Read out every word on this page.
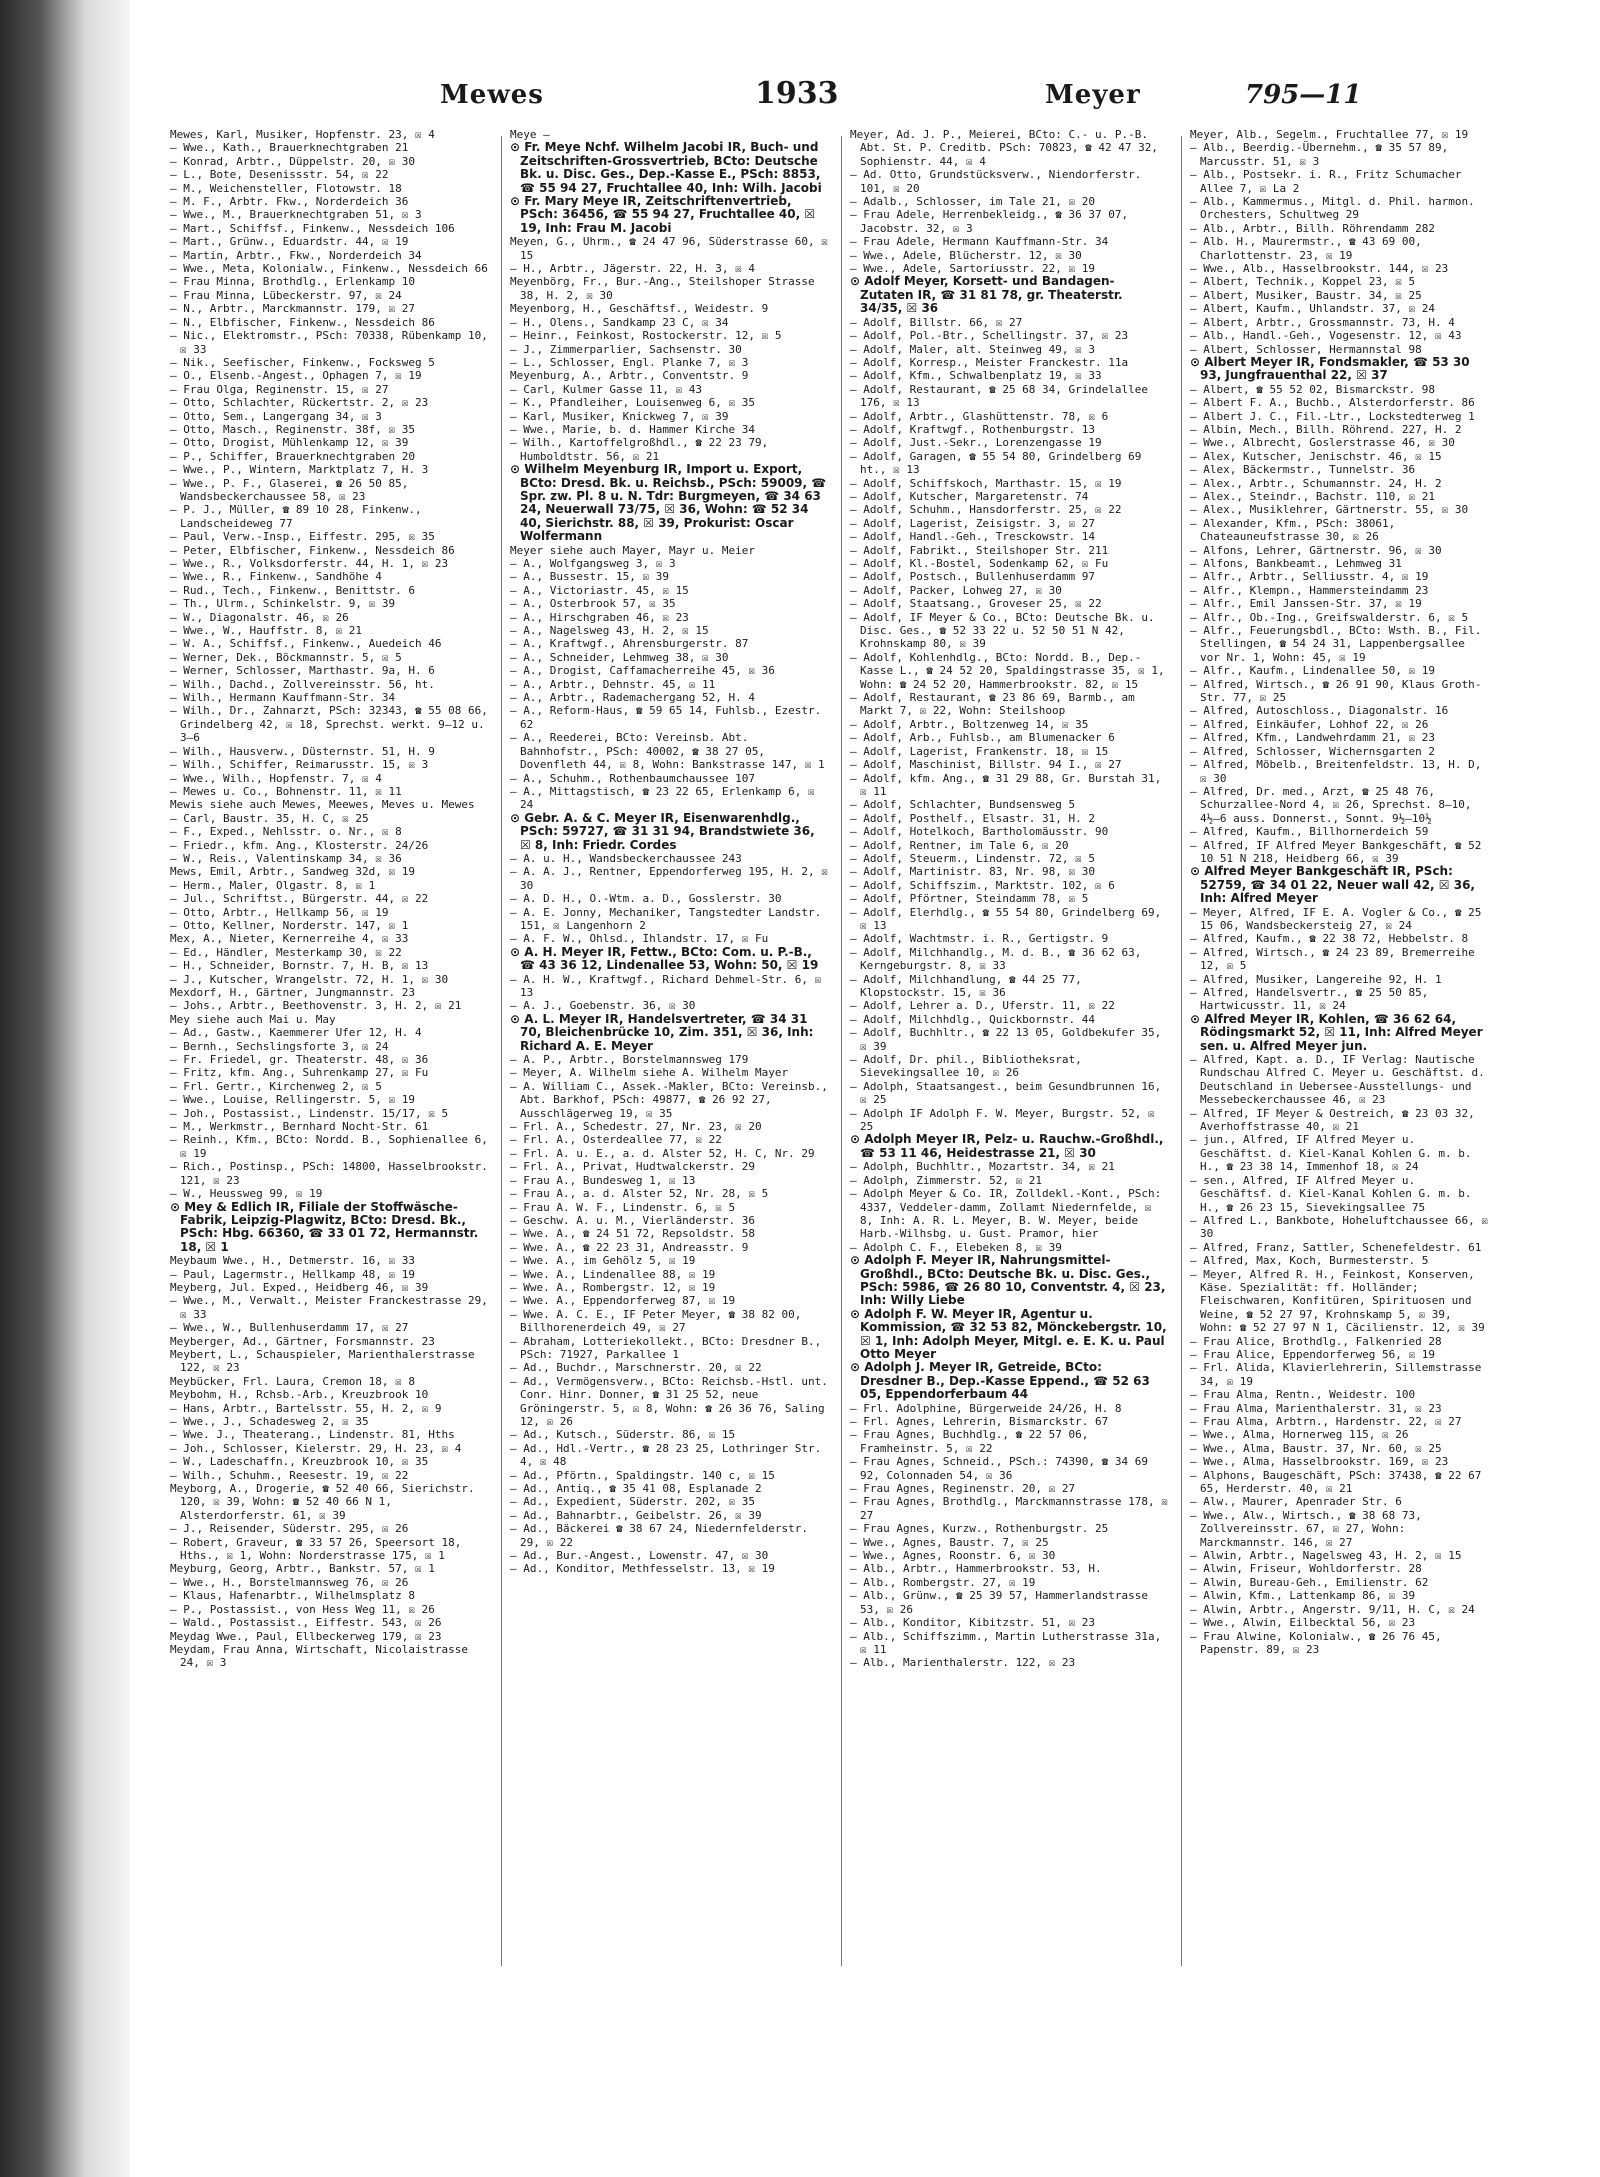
Mewes	1933	Meyer	795—11
Mewes, Karl, Musiker, Hopfenstr. 23, ☒ 4
— Wwe., Kath., Brauerknechtgraben 21
— Konrad, Arbtr., Düppelstr. 20, ☒ 30
— L., Bote, Desenissstr. 54, ☒ 22
— M., Weichensteller, Flotowstr. 18
— M. F., Arbtr. Fkw., Norderdeich 36
— Wwe., M., Brauerknechtgraben 51, ☒ 3
— Mart., Schiffsf., Finkenw., Nessdeich 106
— Mart., Grünw., Eduardstr. 44, ☒ 19
— Martin, Arbtr., Fkw., Norderdeich 34
— Wwe., Meta, Kolonialw., Finkenw., Nessdeich 66
— Frau Minna, Brothdlg., Erlenkamp 10
— Frau Minna, Lübeckerstr. 97, ☒ 24
— N., Arbtr., Marckmannstr. 179, ☒ 27
— N., Elbfischer, Finkenw., Nessdeich 86
— Nic., Elektromstr., PSch: 70338, Rübenkamp 10, ☒ 33
— Nik., Seefischer, Finkenw., Focksweg 5
— O., Elsenb.-Angest., Ophagen 7, ☒ 19
— Frau Olga, Reginenstr. 15, ☒ 27
— Otto, Schlachter, Rückertstr. 2, ☒ 23
— Otto, Sem., Langergang 34, ☒ 3
— Otto, Masch., Reginenstr. 38f, ☒ 35
— Otto, Drogist, Mühlenkamp 12, ☒ 39
— P., Schiffer, Brauerknechtgraben 20
— Wwe., P., Wintern, Marktplatz 7, H. 3
— Wwe., P. F., Glaserei, ☎ 26 50 85, Wandsbeckerchaussee 58, ☒ 23
— P. J., Müller, ☎ 89 10 28, Finkenw., Landscheideweg 77
— Paul, Verw.-Insp., Eiffestr. 295, ☒ 35
— Peter, Elbfischer, Finkenw., Nessdeich 86
— Wwe., R., Volksdorferstr. 44, H. 1, ☒ 23
— Wwe., R., Finkenw., Sandhöhe 4
— Rud., Tech., Finkenw., Benittstr. 6
— Th., Ulrm., Schinkelstr. 9, ☒ 39
— W., Diagonalstr. 46, ☒ 26
— Wwe., W., Hauffstr. 8, ☒ 21
— W. A., Schiffsf., Finkenw., Auedeich 46
— Werner, Dek., Böckmannstr. 5, ☒ 5
— Werner, Schlosser, Marthastr. 9a, H. 6
— Wilh., Dachd., Zollvereinsstr. 56, ht.
— Wilh., Hermann Kauffmann-Str. 34
— Wilh., Dr., Zahnarzt, PSch: 32343, ☎ 55 08 66, Grindelberg 42, ☒ 18, Sprechst. werkt. 9—12 u. 3—6
— Wilh., Hausverw., Düsternstr. 51, H. 9
— Wilh., Schiffer, Reimarusstr. 15, ☒ 3
— Wwe., Wilh., Hopfenstr. 7, ☒ 4
— Mewes u. Co., Bohnenstr. 11, ☒ 11
Mewis siehe auch Mewes, Meewes, Meves u. Mewes
— Carl, Baustr. 35, H. C, ☒ 25
— F., Exped., Nehlsstr. o. Nr., ☒ 8
— Friedr., kfm. Ang., Klosterstr. 24/26
— W., Reis., Valentinskamp 34, ☒ 36
Mews, Emil, Arbtr., Sandweg 32d, ☒ 19
— Herm., Maler, Olgastr. 8, ☒ 1
— Jul., Schriftst., Bürgerstr. 44, ☒ 22
— Otto, Arbtr., Hellkamp 56, ☒ 19
— Otto, Kellner, Norderstr. 147, ☒ 1
Mex, A., Nieter, Kernerreihe 4, ☒ 33
— Ed., Händler, Mesterkamp 30, ☒ 22
— H., Schneider, Bornstr. 7, H. B, ☒ 13
— J., Kutscher, Wrangelstr. 72, H. 1, ☒ 30
Mexdorf, H., Gärtner, Jungmannstr. 23
— Johs., Arbtr., Beethovenstr. 3, H. 2, ☒ 21
Mey siehe auch Mai u. May
— Ad., Gastw., Kaemmerer Ufer 12, H. 4
— Bernh., Sechslingsforte 3, ☒ 24
— Fr. Friedel, gr. Theaterstr. 48, ☒ 36
— Fritz, kfm. Ang., Suhrenkamp 27, ☒ Fu
— Frl. Gertr., Kirchenweg 2, ☒ 5
— Wwe., Louise, Rellingerstr. 5, ☒ 19
— Joh., Postassist., Lindenstr. 15/17, ☒ 5
— M., Werkmstr., Bernhard Nocht-Str. 61
— Reinh., Kfm., BCto: Nordd. B., Sophienallee 6, ☒ 19
— Rich., Postinsp., PSch: 14800, Hasselbrookstr. 121, ☒ 23
— W., Heussweg 99, ☒ 19
⊙ Mey & Edlich IR, Filiale der Stoffwäsche-Fabrik, Leipzig-Plagwitz, BCto: Dresd. Bk., PSch: Hbg. 66360, ☎ 33 01 72, Hermannstr. 18, ☒ 1
Meybaum Wwe., H., Detmerstr. 16, ☒ 33
— Paul, Lagermstr., Hellkamp 48, ☒ 19
Meyberg, Jul. Exped., Heidberg 46, ☒ 39
— Wwe., M., Verwalt., Meister Franckestrasse 29, ☒ 33
— Wwe., W., Bullenhuserdamm 17, ☒ 27
Meyberger, Ad., Gärtner, Forsmannstr. 23
Meybert, L., Schauspieler, Marienthalerstrasse 122, ☒ 23
Meybücker, Frl. Laura, Cremon 18, ☒ 8
Meybohm, H., Rchsb.-Arb., Kreuzbrook 10
— Hans, Arbtr., Bartelsstr. 55, H. 2, ☒ 9
— Wwe., J., Schadesweg 2, ☒ 35
— Wwe. J., Theaterang., Lindenstr. 81, Hths
— Joh., Schlosser, Kielerstr. 29, H. 23, ☒ 4
— W., Ladeschaffn., Kreuzbrook 10, ☒ 35
— Wilh., Schuhm., Reesestr. 19, ☒ 22
Meyborg, A., Drogerie, ☎ 52 40 66, Sierichstr. 120, ☒ 39, Wohn: ☎ 52 40 66 N 1, Alsterdorferstr. 61, ☒ 39
— J., Reisender, Süderstr. 295, ☒ 26
— Robert, Graveur, ☎ 33 57 26, Speersort 18, Hths., ☒ 1, Wohn: Norderstrasse 175, ☒ 1
Meyburg, Georg, Arbtr., Bankstr. 57, ☒ 1
— Wwe., H., Borstelmannsweg 76, ☒ 26
— Klaus, Hafenarbtr., Wilhelmsplatz 8
— P., Postassist., von Hess Weg 11, ☒ 26
— Wald., Postassist., Eiffestr. 543, ☒ 26
Meydag Wwe., Paul, Ellbeckerweg 179, ☒ 23
Meydam, Frau Anna, Wirtschaft, Nicolaistrasse 24, ☒ 3
Meye —
⊙ Fr. Meye Nchf. Wilhelm Jacobi IR, Buch- und Zeitschriften-Grossvertrieb, BCto: Deutsche Bk. u. Disc. Ges., Dep.-Kasse E., PSch: 8853, ☎ 55 94 27, Fruchtallee 40, Inh: Wilh. Jacobi
⊙ Fr. Mary Meye IR, Zeitschriftenvertrieb, PSch: 36456, ☎ 55 94 27, Fruchtallee 40, ☒ 19, Inh: Frau M. Jacobi
Meyen, G., Uhrm., ☎ 24 47 96, Süderstrasse 60, ☒ 15
— H., Arbtr., Jägerstr. 22, H. 3, ☒ 4
Meyenbörg, Fr., Bur.-Ang., Steilshoper Strasse 38, H. 2, ☒ 30
Meyenborg, H., Geschäftsf., Weidestr. 9
— H., Olens., Sandkamp 23 C, ☒ 34
— Heinr., Feinkost, Rostockerstr. 12, ☒ 5
— J., Zimmerparlier, Sachsenstr. 30
— L., Schlosser, Engl. Planke 7, ☒ 3
Meyenburg, A., Arbtr., Conventstr. 9
— Carl, Kulmer Gasse 11, ☒ 43
— K., Pfandleiher, Louisenweg 6, ☒ 35
— Karl, Musiker, Knickweg 7, ☒ 39
— Wwe., Marie, b. d. Hammer Kirche 34
— Wilh., Kartoffelgroßhdl., ☎ 22 23 79, Humboldtstr. 56, ☒ 21
⊙ Wilhelm Meyenburg IR, Import u. Export, BCto: Dresd. Bk. u. Reichsb., PSch: 59009, ☎ Spr. zw. Pl. 8 u. N. Tdr: Burgmeyen, ☎ 34 63 24, Neuerwall 73/75, ☒ 36, Wohn: ☎ 52 34 40, Sierichstr. 88, ☒ 39, Prokurist: Oscar Wolfermann
Meyer siehe auch Mayer, Mayr u. Meier
— A., Wolfgangsweg 3, ☒ 3
— A., Bussestr. 15, ☒ 39
— A., Victoriastr. 45, ☒ 15
— A., Osterbrook 57, ☒ 35
— A., Hirschgraben 46, ☒ 23
— A., Nagelsweg 43, H. 2, ☒ 15
— A., Kraftwgf., Ahrensburgerstr. 87
— A., Schneider, Lehmweg 38, ☒ 30
— A., Drogist, Caffamacherreihe 45, ☒ 36
— A., Arbtr., Dehnstr. 45, ☒ 11
— A., Arbtr., Rademachergang 52, H. 4
— A., Reform-Haus, ☎ 59 65 14, Fuhlsb., Ezestr. 62
— A., Reederei, BCto: Vereinsb. Abt. Bahnhofstr., PSch: 40002, ☎ 38 27 05, Dovenfleth 44, ☒ 8, Wohn: Bankstrasse 147, ☒ 1
— A., Schuhm., Rothenbaumchaussee 107
— A., Mittagstisch, ☎ 23 22 65, Erlenkamp 6, ☒ 24
⊙ Gebr. A. & C. Meyer IR, Eisenwarenhdlg., PSch: 59727, ☎ 31 31 94, Brandstwiete 36, ☒ 8, Inh: Friedr. Cordes
— A. u. H., Wandsbeckerchaussee 243
— A. A. J., Rentner, Eppendorferweg 195, H. 2, ☒ 30
— A. D. H., O.-Wtm. a. D., Gosslerstr. 30
— A. E. Jonny, Mechaniker, Tangstedter Landstr. 151, ☒ Langenhorn 2
— A. F. W., Ohlsd., Ihlandstr. 17, ☒ Fu
⊙ A. H. Meyer IR, Fettw., BCto: Com. u. P.-B., ☎ 43 36 12, Lindenallee 53, Wohn: 50, ☒ 19
— A. H. W., Kraftwgf., Richard Dehmel-Str. 6, ☒ 13
— A. J., Goebenstr. 36, ☒ 30
⊙ A. L. Meyer IR, Handelsvertreter, ☎ 34 31 70, Bleichenbrücke 10, Zim. 351, ☒ 36, Inh: Richard A. E. Meyer
— A. P., Arbtr., Borstelmannsweg 179
— Meyer, A. Wilhelm siehe A. Wilhelm Mayer
— A. William C., Assek.-Makler, BCto: Vereinsb., Abt. Barkhof, PSch: 49877, ☎ 26 92 27, Ausschlägerweg 19, ☒ 35
— Frl. A., Schedestr. 27, Nr. 23, ☒ 20
— Frl. A., Osterdeallee 77, ☒ 22
— Frl. A. u. E., a. d. Alster 52, H. C, Nr. 29
— Frl. A., Privat, Hudtwalckerstr. 29
— Frau A., Bundesweg 1, ☒ 13
— Frau A., a. d. Alster 52, Nr. 28, ☒ 5
— Frau A. W. F., Lindenstr. 6, ☒ 5
— Geschw. A. u. M., Vierländerstr. 36
— Wwe. A., ☎ 24 51 72, Repsoldstr. 58
— Wwe. A., ☎ 22 23 31, Andreasstr. 9
— Wwe. A., im Gehölz 5, ☒ 19
— Wwe. A., Lindenallee 88, ☒ 19
— Wwe. A., Rombergstr. 12, ☒ 19
— Wwe. A., Eppendorferweg 87, ☒ 19
— Wwe. A. C. E., IF Peter Meyer, ☎ 38 82 00, Billhorenerdeich 49, ☒ 27
— Abraham, Lotteriekollekt., BCto: Dresdner B., PSch: 71927, Parkallee 1
— Ad., Buchdr., Marschnerstr. 20, ☒ 22
— Ad., Vermögensverw., BCto: Reichsb.-Hstl. unt. Conr. Hinr. Donner, ☎ 31 25 52, neue Gröningerstr. 5, ☒ 8, Wohn: ☎ 26 36 76, Saling 12, ☒ 26
— Ad., Kutsch., Süderstr. 86, ☒ 15
— Ad., Hdl.-Vertr., ☎ 28 23 25, Lothringer Str. 4, ☒ 48
— Ad., Pförtn., Spaldingstr. 140 c, ☒ 15
— Ad., Antiq., ☎ 35 41 08, Esplanade 2
— Ad., Expedient, Süderstr. 202, ☒ 35
— Ad., Bahnarbtr., Geibelstr. 26, ☒ 39
— Ad., Bäckerei ☎ 38 67 24, Niedernfelderstr. 29, ☒ 22
— Ad., Bur.-Angest., Lowenstr. 47, ☒ 30
— Ad., Konditor, Methfesselstr. 13, ☒ 19
Meyer, Ad. J. P., Meierei, BCto: C.- u. P.-B. Abt. St. P. Creditb. PSch: 70823, ☎ 42 47 32, Sophienstr. 44, ☒ 4
— Ad. Otto, Grundstücksverw., Niendorferstr. 101, ☒ 20
— Adalb., Schlosser, im Tale 21, ☒ 20
— Frau Adele, Herrenbekleidg., ☎ 36 37 07, Jacobstr. 32, ☒ 3
— Frau Adele, Hermann Kauffmann-Str. 34
— Wwe., Adele, Blücherstr. 12, ☒ 30
— Wwe., Adele, Sartoriusstr. 22, ☒ 19
⊙ Adolf Meyer, Korsett- und Bandagen-Zutaten IR, ☎ 31 81 78, gr. Theaterstr. 34/35, ☒ 36
— Adolf, Billstr. 66, ☒ 27
— Adolf, Pol.-Btr., Schellingstr. 37, ☒ 23
— Adolf, Maler, alt. Steinweg 49, ☒ 3
— Adolf, Korresp., Meister Franckestr. 11a
— Adolf, Kfm., Schwalbenplatz 19, ☒ 33
— Adolf, Restaurant, ☎ 25 68 34, Grindelallee 176, ☒ 13
— Adolf, Arbtr., Glashüttenstr. 78, ☒ 6
— Adolf, Kraftwgf., Rothenburgstr. 13
— Adolf, Just.-Sekr., Lorenzengasse 19
— Adolf, Garagen, ☎ 55 54 80, Grindelberg 69 ht., ☒ 13
— Adolf, Schiffskoch, Marthastr. 15, ☒ 19
— Adolf, Kutscher, Margaretenstr. 74
— Adolf, Schuhm., Hansdorferstr. 25, ☒ 22
— Adolf, Lagerist, Zeisigstr. 3, ☒ 27
— Adolf, Handl.-Geh., Tresckowstr. 14
— Adolf, Fabrikt., Steilshoper Str. 211
— Adolf, Kl.-Bostel, Sodenkamp 62, ☒ Fu
— Adolf, Postsch., Bullenhuserdamm 97
— Adolf, Packer, Lohweg 27, ☒ 30
— Adolf, Staatsang., Groveser 25, ☒ 22
— Adolf, IF Meyer & Co., BCto: Deutsche Bk. u. Disc. Ges., ☎ 52 33 22 u. 52 50 51 N 42, Krohnskamp 80, ☒ 39
— Adolf, Kohlenhdlg., BCto: Nordd. B., Dep.-Kasse L., ☎ 24 52 20, Spaldingstrasse 35, ☒ 1, Wohn: ☎ 24 52 20, Hammerbrookstr. 82, ☒ 15
— Adolf, Restaurant, ☎ 23 86 69, Barmb., am Markt 7, ☒ 22, Wohn: Steilshoop
— Adolf, Arbtr., Boltzenweg 14, ☒ 35
— Adolf, Arb., Fuhlsb., am Blumenacker 6
— Adolf, Lagerist, Frankenstr. 18, ☒ 15
— Adolf, Maschinist, Billstr. 94 I., ☒ 27
— Adolf, kfm. Ang., ☎ 31 29 88, Gr. Burstah 31, ☒ 11
— Adolf, Schlachter, Bundsensweg 5
— Adolf, Posthelf., Elsastr. 31, H. 2
— Adolf, Hotelkoch, Bartholomäusstr. 90
— Adolf, Rentner, im Tale 6, ☒ 20
— Adolf, Steuerm., Lindenstr. 72, ☒ 5
— Adolf, Martinistr. 83, Nr. 98, ☒ 30
— Adolf, Schiffszim., Marktstr. 102, ☒ 6
— Adolf, Pförtner, Steindamm 78, ☒ 5
— Adolf, Elerhdlg., ☎ 55 54 80, Grindelberg 69, ☒ 13
— Adolf, Wachtmstr. i. R., Gertigstr. 9
— Adolf, Milchhandlg., M. d. B., ☎ 36 62 63, Kerngeburgstr. 8, ☒ 33
— Adolf, Milchhandlung, ☎ 44 25 77, Klopstockstr. 15, ☒ 36
— Adolf, Lehrer a. D., Uferstr. 11, ☒ 22
— Adolf, Milchhdlg., Quickbornstr. 44
— Adolf, Buchhltr., ☎ 22 13 05, Goldbekufer 35, ☒ 39
— Adolf, Dr. phil., Bibliotheksrat, Sievekingsallee 10, ☒ 26
— Adolph, Staatsangest., beim Gesundbrunnen 16, ☒ 25
— Adolph IF Adolph F. W. Meyer, Burgstr. 52, ☒ 25
⊙ Adolph Meyer IR, Pelz- u. Rauchw.-Großhdl., ☎ 53 11 46, Heidestrasse 21, ☒ 30
— Adolph, Buchhltr., Mozartstr. 34, ☒ 21
— Adolph, Zimmerstr. 52, ☒ 21
— Adolph Meyer & Co. IR, Zolldekl.-Kont., PSch: 4337, Veddeler-damm, Zollamt Niedernfelde, ☒ 8, Inh: A. R. L. Meyer, B. W. Meyer, beide Harb.-Wilhsbg. u. Gust. Pramor, hier
— Adolph C. F., Elebeken 8, ☒ 39
⊙ Adolph F. Meyer IR, Nahrungsmittel-Großhdl., BCto: Deutsche Bk. u. Disc. Ges., PSch: 5986, ☎ 26 80 10, Conventstr. 4, ☒ 23, Inh: Willy Liebe
⊙ Adolph F. W. Meyer IR, Agentur u. Kommission, ☎ 32 53 82, Mönckebergstr. 10, ☒ 1, Inh: Adolph Meyer, Mitgl. e. E. K. u. Paul Otto Meyer
⊙ Adolph J. Meyer IR, Getreide, BCto: Dresdner B., Dep.-Kasse Eppend., ☎ 52 63 05, Eppendorferbaum 44
— Frl. Adolphine, Bürgerweide 24/26, H. 8
— Frl. Agnes, Lehrerin, Bismarckstr. 67
— Frau Agnes, Buchhdlg., ☎ 22 57 06, Framheinstr. 5, ☒ 22
— Frau Agnes, Schneid., PSch.: 74390, ☎ 34 69 92, Colonnaden 54, ☒ 36
— Frau Agnes, Reginenstr. 20, ☒ 27
— Frau Agnes, Brothdlg., Marckmannstrasse 178, ☒ 27
— Frau Agnes, Kurzw., Rothenburgstr. 25
— Wwe., Agnes, Baustr. 7, ☒ 25
— Wwe., Agnes, Roonstr. 6, ☒ 30
— Alb., Arbtr., Hammerbrookstr. 53, H.
— Alb., Rombergstr. 27, ☒ 19
— Alb., Grünw., ☎ 25 39 57, Hammerlandstrasse 53, ☒ 26
— Alb., Konditor, Kibitzstr. 51, ☒ 23
— Alb., Schiffszimm., Martin Lutherstrasse 31a, ☒ 11
— Alb., Marienthalerstr. 122, ☒ 23
Meyer, Alb., Segelm., Fruchtallee 77, ☒ 19
— Alb., Beerdig.-Übernehm., ☎ 35 57 89, Marcusstr. 51, ☒ 3
— Alb., Postsekr. i. R., Fritz Schumacher Allee 7, ☒ La 2
— Alb., Kammermus., Mitgl. d. Phil. harmon. Orchesters, Schultweg 29
— Alb., Arbtr., Billh. Röhrendamm 282
— Alb. H., Maurermstr., ☎ 43 69 00, Charlottenstr. 23, ☒ 19
— Wwe., Alb., Hasselbrookstr. 144, ☒ 23
— Albert, Technik., Koppel 23, ☒ 5
— Albert, Musiker, Baustr. 34, ☒ 25
— Albert, Kaufm., Uhlandstr. 37, ☒ 24
— Albert, Arbtr., Grossmannstr. 73, H. 4
— Alb., Handl.-Geh., Vogesenstr. 12, ☒ 43
— Albert, Schlosser, Hermannstal 98
⊙ Albert Meyer IR, Fondsmakler, ☎ 53 30 93, Jungfrauenthal 22, ☒ 37
— Albert, ☎ 55 52 02, Bismarckstr. 98
— Albert F. A., Buchb., Alsterdorferstr. 86
— Albert J. C., Fil.-Ltr., Lockstedterweg 1
— Albin, Mech., Billh. Röhrend. 227, H. 2
— Wwe., Albrecht, Goslerstrasse 46, ☒ 30
— Alex, Kutscher, Jenischstr. 46, ☒ 15
— Alex, Bäckermstr., Tunnelstr. 36
— Alex., Arbtr., Schumannstr. 24, H. 2
— Alex., Steindr., Bachstr. 110, ☒ 21
— Alex., Musiklehrer, Gärtnerstr. 55, ☒ 30
— Alexander, Kfm., PSch: 38061, Chateauneufstrasse 30, ☒ 26
— Alfons, Lehrer, Gärtnerstr. 96, ☒ 30
— Alfons, Bankbeamt., Lehmweg 31
— Alfr., Arbtr., Selliusstr. 4, ☒ 19
— Alfr., Klempn., Hammersteindamm 23
— Alfr., Emil Janssen-Str. 37, ☒ 19
— Alfr., Ob.-Ing., Greifswalderstr. 6, ☒ 5
— Alfr., Feuerungsbdl., BCto: Wsth. B., Fil. Stellingen, ☎ 54 24 31, Lappenbergsallee vor Nr. 1, Wohn: 45, ☒ 19
— Alfr., Kaufm., Lindenallee 50, ☒ 19
— Alfred, Wirtsch., ☎ 26 91 90, Klaus Groth-Str. 77, ☒ 25
— Alfred, Autoschloss., Diagonalstr. 16
— Alfred, Einkäufer, Lohhof 22, ☒ 26
— Alfred, Kfm., Landwehrdamm 21, ☒ 23
— Alfred, Schlosser, Wichernsgarten 2
— Alfred, Möbelb., Breitenfeldstr. 13, H. D, ☒ 30
— Alfred, Dr. med., Arzt, ☎ 25 48 76, Schurzallee-Nord 4, ☒ 26, Sprechst. 8—10, 4½—6 auss. Donnerst., Sonnt. 9½—10½
— Alfred, Kaufm., Billhornerdeich 59
— Alfred, IF Alfred Meyer Bankgeschäft, ☎ 52 10 51 N 218, Heidberg 66, ☒ 39
⊙ Alfred Meyer Bankgeschäft IR, PSch: 52759, ☎ 34 01 22, Neuer wall 42, ☒ 36, Inh: Alfred Meyer
— Meyer, Alfred, IF E. A. Vogler & Co., ☎ 25 15 06, Wandsbeckersteig 27, ☒ 24
— Alfred, Kaufm., ☎ 22 38 72, Hebbelstr. 8
— Alfred, Wirtsch., ☎ 24 23 89, Bremerreihe 12, ☒ 5
— Alfred, Musiker, Langereihe 92, H. 1
— Alfred, Handelsvertr., ☎ 25 50 85, Hartwicusstr. 11, ☒ 24
⊙ Alfred Meyer IR, Kohlen, ☎ 36 62 64, Rödingsmarkt 52, ☒ 11, Inh: Alfred Meyer sen. u. Alfred Meyer jun.
— Alfred, Kapt. a. D., IF Verlag: Nautische Rundschau Alfred C. Meyer u. Geschäftst. d. Deutschland in Uebersee-Ausstellungs- und Messebeckerchaussee 46, ☒ 23
— Alfred, IF Meyer & Oestreich, ☎ 23 03 32, Averhoffstrasse 40, ☒ 21
— jun., Alfred, IF Alfred Meyer u. Geschäftst. d. Kiel-Kanal Kohlen G. m. b. H., ☎ 23 38 14, Immenhof 18, ☒ 24
— sen., Alfred, IF Alfred Meyer u. Geschäftsf. d. Kiel-Kanal Kohlen G. m. b. H., ☎ 26 23 15, Sievekingsallee 75
— Alfred L., Bankbote, Hoheluftchaussee 66, ☒ 30
— Alfred, Franz, Sattler, Schenefeldestr. 61
— Alfred, Max, Koch, Burmesterstr. 5
— Meyer, Alfred R. H., Feinkost, Konserven, Käse. Spezialität: ff. Holländer; Fleischwaren, Konfitüren, Spirituosen und Weine, ☎ 52 27 97, Krohnskamp 5, ☒ 39, Wohn: ☎ 52 27 97 N 1, Cäcilienstr. 12, ☒ 39
— Frau Alice, Brothdlg., Falkenried 28
— Frau Alice, Eppendorferweg 56, ☒ 19
— Frl. Alida, Klavierlehrerin, Sillemstrasse 34, ☒ 19
— Frau Alma, Rentn., Weidestr. 100
— Frau Alma, Marienthalerstr. 31, ☒ 23
— Frau Alma, Arbtrn., Hardenstr. 22, ☒ 27
— Wwe., Alma, Hornerweg 115, ☒ 26
— Wwe., Alma, Baustr. 37, Nr. 60, ☒ 25
— Wwe., Alma, Hasselbrookstr. 169, ☒ 23
— Alphons, Baugeschäft, PSch: 37438, ☎ 22 67 65, Herderstr. 40, ☒ 21
— Alw., Maurer, Apenrader Str. 6
— Wwe., Alw., Wirtsch., ☎ 38 68 73, Zollvereinsstr. 67, ☒ 27, Wohn: Marckmannstr. 146, ☒ 27
— Alwin, Arbtr., Nagelsweg 43, H. 2, ☒ 15
— Alwin, Friseur, Wohldorferstr. 28
— Alwin, Bureau-Geh., Emilienstr. 62
— Alwin, Kfm., Lattenkamp 86, ☒ 39
— Alwin, Arbtr., Angerstr. 9/11, H. C, ☒ 24
— Wwe., Alwin, Eilbecktal 56, ☒ 23
— Frau Alwine, Kolonialw., ☎ 26 76 45, Papenstr. 89, ☒ 23
